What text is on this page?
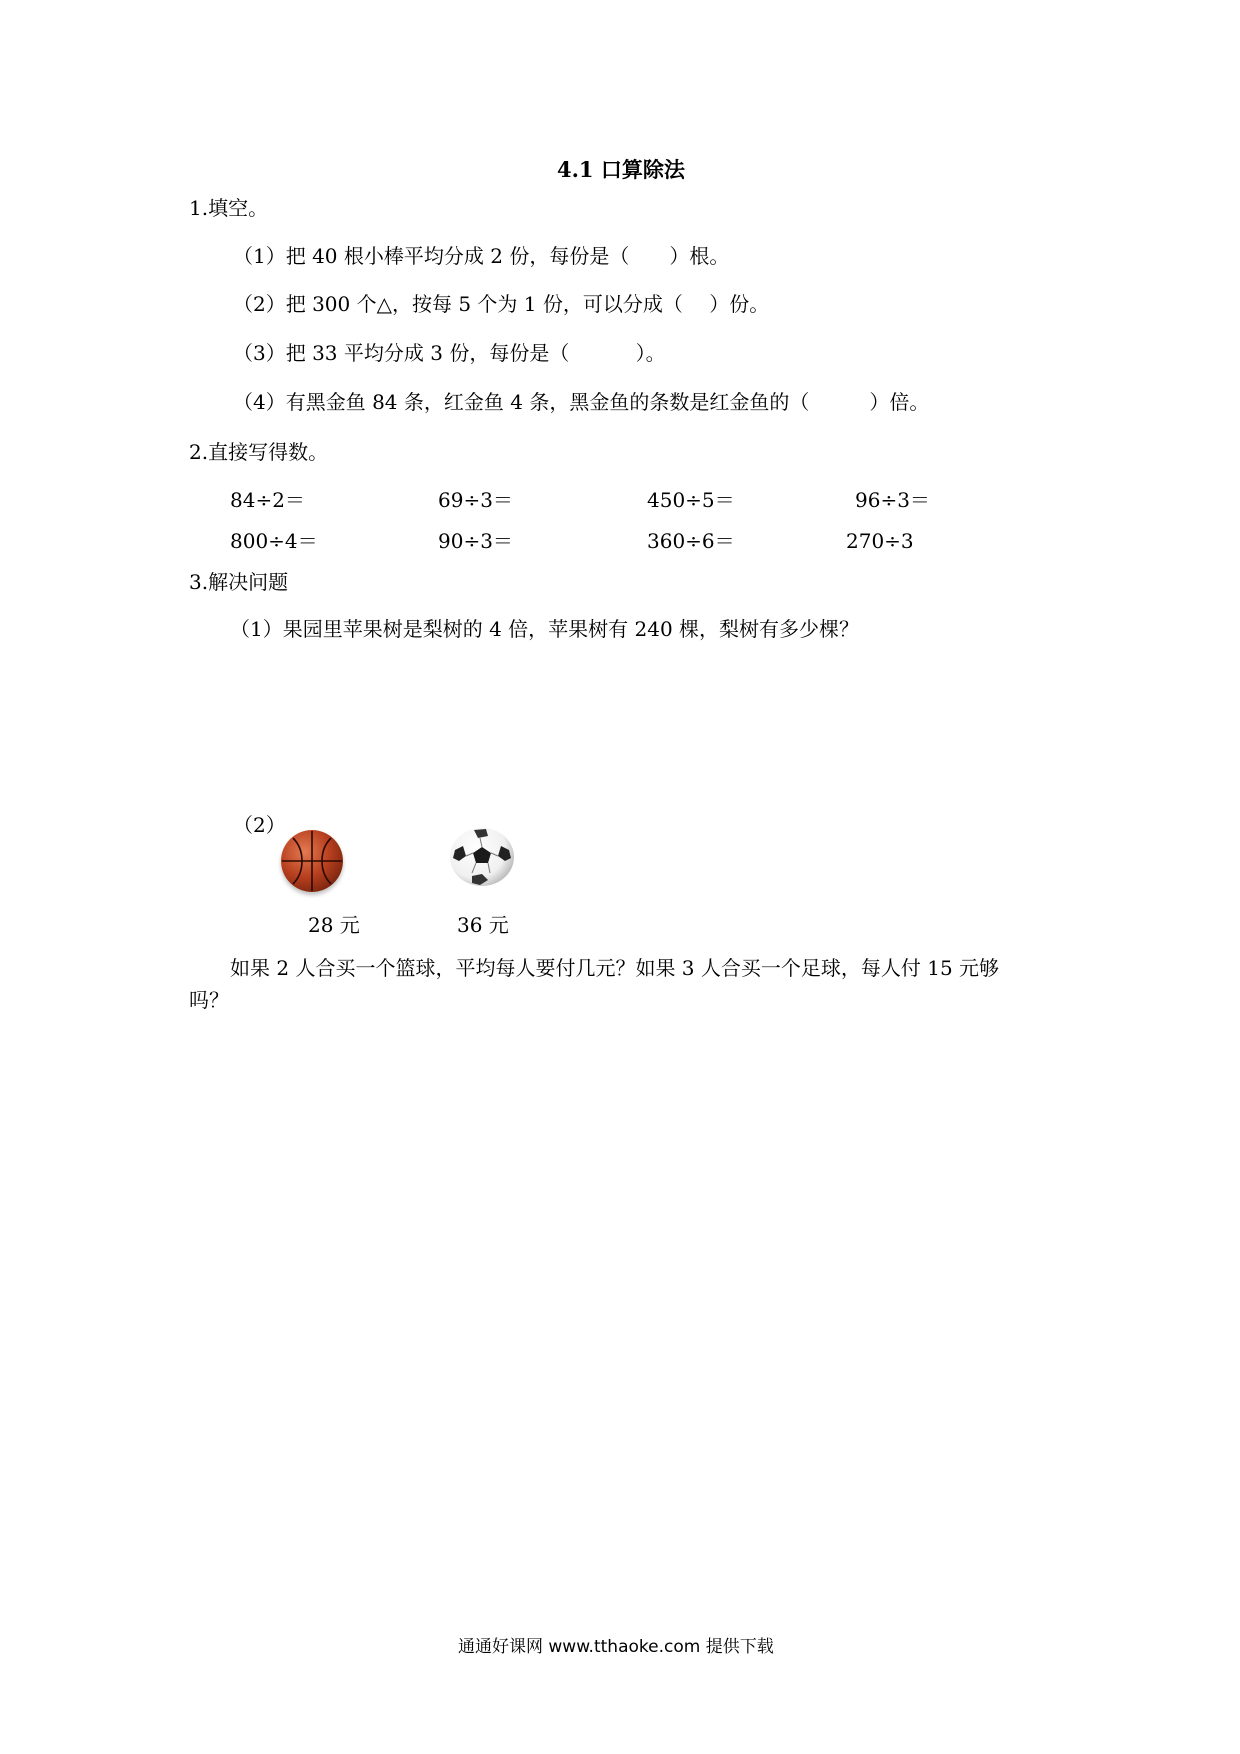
4.1 口算除法
1.填空。
（1）把 40 根小棒平均分成 2 份，每份是（　　）根。
（2）把 300 个△，按每 5 个为 1 份，可以分成（　 ）份。
（3）把 33 平均分成 3 份，每份是（　　　 ）。
（4）有黑金鱼 84 条，红金鱼 4 条，黑金鱼的条数是红金鱼的（　　　）倍。
2.直接写得数。
84÷2＝	69÷3＝	450÷5＝	96÷3＝
800÷4＝	90÷3＝	360÷6＝	270÷3
3.解决问题
（1）果园里苹果树是梨树的 4 倍，苹果树有 240 棵，梨树有多少棵？
（2）
28 元	36 元
如果 2 人合买一个篮球，平均每人要付几元？如果 3 人合买一个足球，每人付 15 元够
吗？
通通好课网 www.tthaoke.com 提供下载
